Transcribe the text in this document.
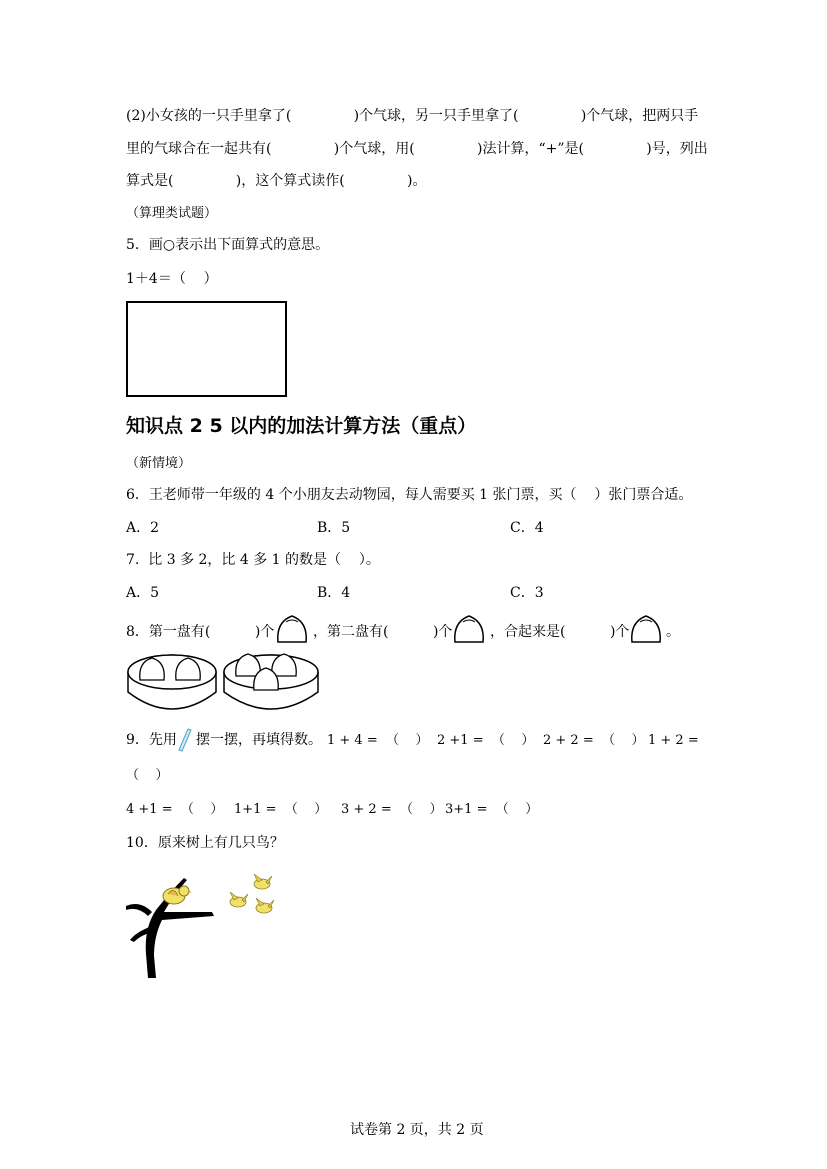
(2)小女孩的一只手里拿了(              )个气球，另一只手里拿了(              )个气球，把两只手
里的气球合在一起共有(              )个气球，用(              )法计算，“+”是(              )号，列出
算式是(              )，这个算式读作(              )。
（算理类试题）
5．画○表示出下面算式的意思。
1＋4＝（    ）
知识点 2 5 以内的加法计算方法（重点）
（新情境）
6．王老师带一年级的 4 个小朋友去动物园，每人需要买 1 张门票，买（    ）张门票合适。
A．2	B．5	C．4
7.  比 3 多 2，比 4 多 1 的数是（    ）。
A．5	B．4	C．3
8．第一盘有(          )个	，第二盘有(          )个	，合起来是(          )个	。
9．先用 摆一摆，再填得数。 1 + 4 =  （    ） 2 +1 =  （    ） 2 + 2 =  （    ） 1 + 2 =
（    ）
4 +1 =  （    ） 1+1 =  （    ） 3 + 2 =  （    ） 3+1 =  （    ）
10．原来树上有几只鸟？
试卷第 2 页，共 2 页
